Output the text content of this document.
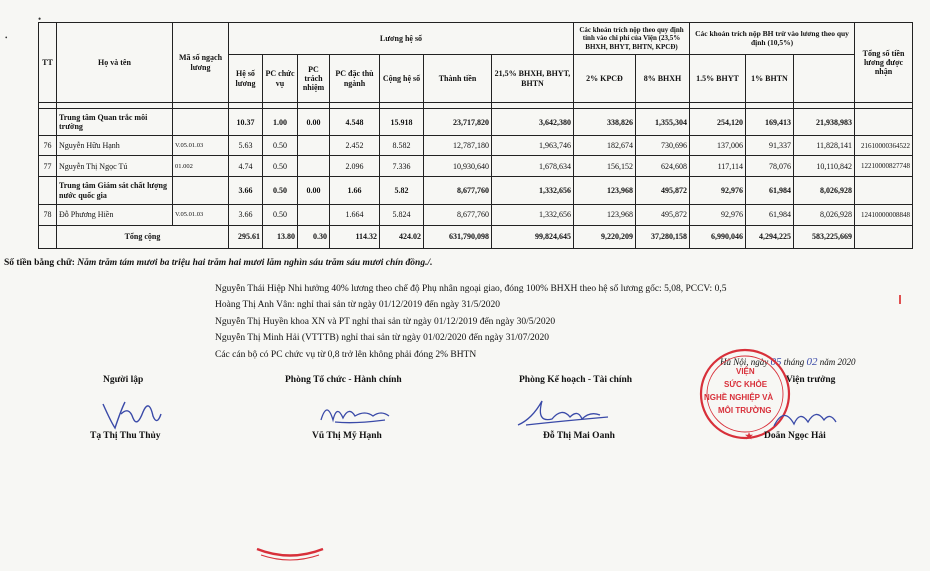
•
•
TT	Họ và tên	Mã số ngạch lương	Lương hệ số							Các khoản trích nộp theo quy định tính vào chi phí của Viện (23,5% BHXH, BHYT, BHTN, KPCĐ)		Các khoản trích nộp BH trừ vào lương theo quy định (10,5%)			Tổng số tiền lương được nhận	
			Hệ số lương	PC chức vụ	PC trách nhiệm	PC đặc thù ngành	Cộng hệ số	Thành tiền	21,5% BHXH, BHYT, BHTN	2% KPCĐ	8% BHXH	1.5% BHYT	1% BHTN			

	Trung tâm Quan trắc môi trường		10.37	1.00	0.00	4.548	15.918	23,717,820	3,642,380	338,826	1,355,304	254,120	169,413	21,938,983		
76	Nguyễn Hữu Hạnh	V.05.01.03	5.63	0.50		2.452	8.582	12,787,180	1,963,746	182,674	730,696	137,006	91,337	11,828,141	21610000364522	
77	Nguyễn Thị Ngọc Tú	01.002	4.74	0.50		2.096	7.336	10,930,640	1,678,634	156,152	624,608	117,114	78,076	10,110,842	12210000827748	
	Trung tâm Giám sát chất lượng nước quốc gia		3.66	0.50	0.00	1.66	5.82	8,677,760	1,332,656	123,968	495,872	92,976	61,984	8,026,928		
78	Đỗ Phương Hiền	V.05.01.03	3.66	0.50		1.664	5.824	8,677,760	1,332,656	123,968	495,872	92,976	61,984	8,026,928	12410000008848	
	Tổng cộng		295.61	13.80	0.30	114.32	424.02	631,790,098	99,824,645	9,220,209	37,280,158	6,990,046	4,294,225	583,225,669		
Số tiền bằng chữ: Năm trăm tám mươi ba triệu hai trăm hai mươi lăm nghìn sáu trăm sáu mươi chín đồng./.
Nguyễn Thái Hiệp Nhi hưởng 40% lương theo chế độ Phụ nhân ngoại giao, đóng 100% BHXH theo hệ số lương gốc: 5,08, PCCV: 0,5
Hoàng Thị Anh Vân: nghỉ thai sản từ ngày 01/12/2019 đến ngày 31/5/2020
Nguyễn Thị Huyền khoa XN và PT nghỉ thai sản từ ngày 01/12/2019 đến ngày 30/5/2020
Nguyễn Thị Minh Hải (VTTTB) nghỉ thai sản từ ngày 01/02/2020 đến ngày 31/07/2020
Các cán bộ có PC chức vụ từ 0,8 trở lên không phải đóng 2% BHTN
Hà Nội, ngày 05 tháng 02 năm 2020
Người lập	Phòng Tổ chức - Hành chính	Phòng Kế hoạch - Tài chính	Viện trưởng
VIỆN
SỨC KHỎE
NGHỀ NGHIỆP VÀ
MÔI TRƯỜNG
★
Tạ Thị Thu Thủy	Vũ Thị Mỹ Hạnh	Đỗ Thị Mai Oanh	Doãn Ngọc Hải
